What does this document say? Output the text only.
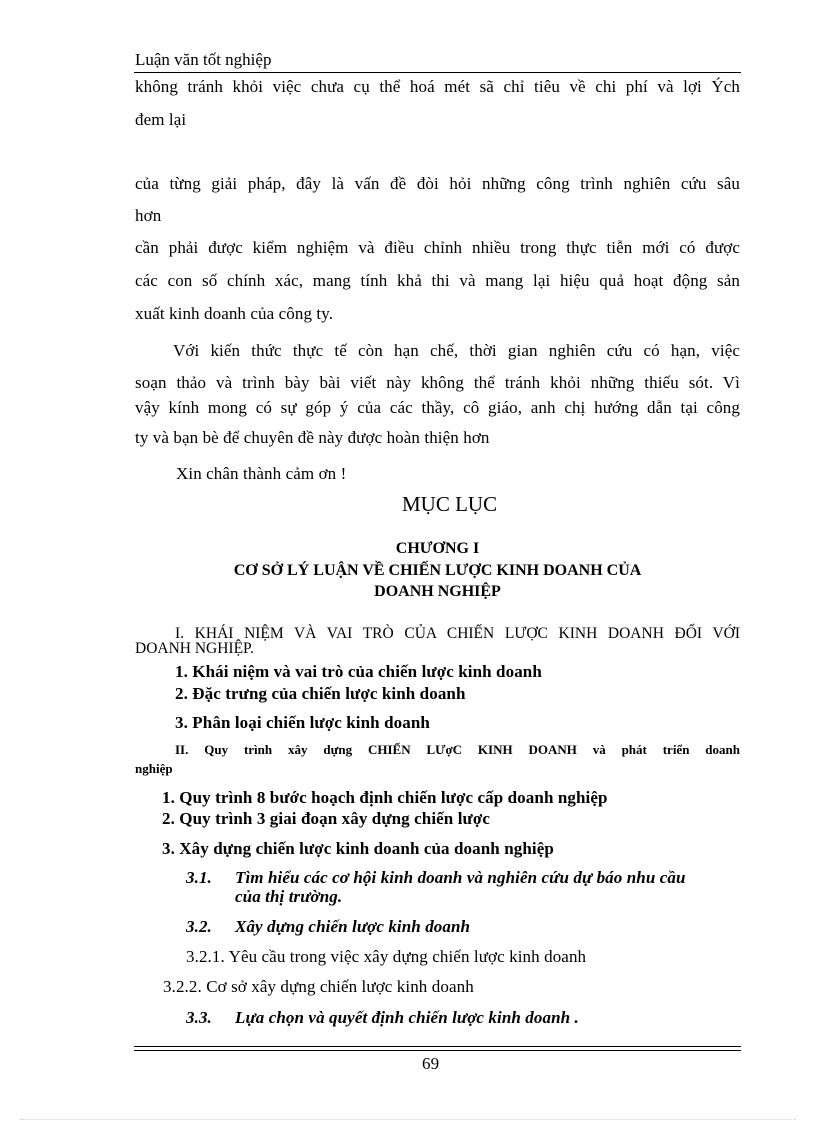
Luận văn tốt nghiệp
không tránh khỏi việc chưa cụ thể hoá mét sã chỉ tiêu về chi phí và lợi Ých
đem lại
của từng giải pháp, đây là vấn đề đòi hỏi những công trình nghiên cứu sâu
hơn
cần phải được kiểm nghiệm và điều chỉnh nhiều trong thực tiễn mới có được
các con số chính xác, mang tính khả thi và mang lại hiệu quả hoạt động sản
xuất kinh doanh của công ty.
Với kiến thức thực tế còn hạn chế, thời gian nghiên cứu có hạn, việc
soạn thảo và trình bày bài viết này không thể tránh khỏi những thiếu sót. Vì
vậy kính mong có sự góp ý của các thầy, cô giáo, anh chị hướng dẫn tại công
ty và bạn bè để chuyên đề này được hoàn thiện hơn
Xin chân thành cảm ơn !
MỤC LỤC
CHƯƠNG I
CƠ SỞ LÝ LUẬN VỀ CHIẾN LƯỢC KINH DOANH CỦA
DOANH NGHIỆP
I. KHÁI NIỆM VÀ VAI TRÒ CỦA CHIẾN LƯỢC KINH DOANH ĐỐI VỚI
DOANH NGHIỆP.
1. Khái niệm và vai trò của chiến lược kinh doanh
2. Đặc trưng của chiến lược kinh doanh
3. Phân loại chiến lược kinh doanh
II. Quy trình xây dựng CHIẾN LƯợC KINH DOANH và phát triển doanh
nghiệp
1. Quy trình 8 bước hoạch định chiến lược cấp doanh nghiệp
2. Quy trình 3 giai đoạn xây dựng chiến lược
3. Xây dựng chiến lược kinh doanh của doanh nghiệp
3.1. Tìm hiểu các cơ hội kinh doanh và nghiên cứu dự báo nhu cầu
của thị trường.
3.2. Xây dựng chiến lược kinh doanh
3.2.1. Yêu cầu trong việc xây dựng chiến lược kinh doanh
3.2.2. Cơ sở xây dựng chiến lược kinh doanh
3.3. Lựa chọn và quyết định chiến lược kinh doanh .
69
